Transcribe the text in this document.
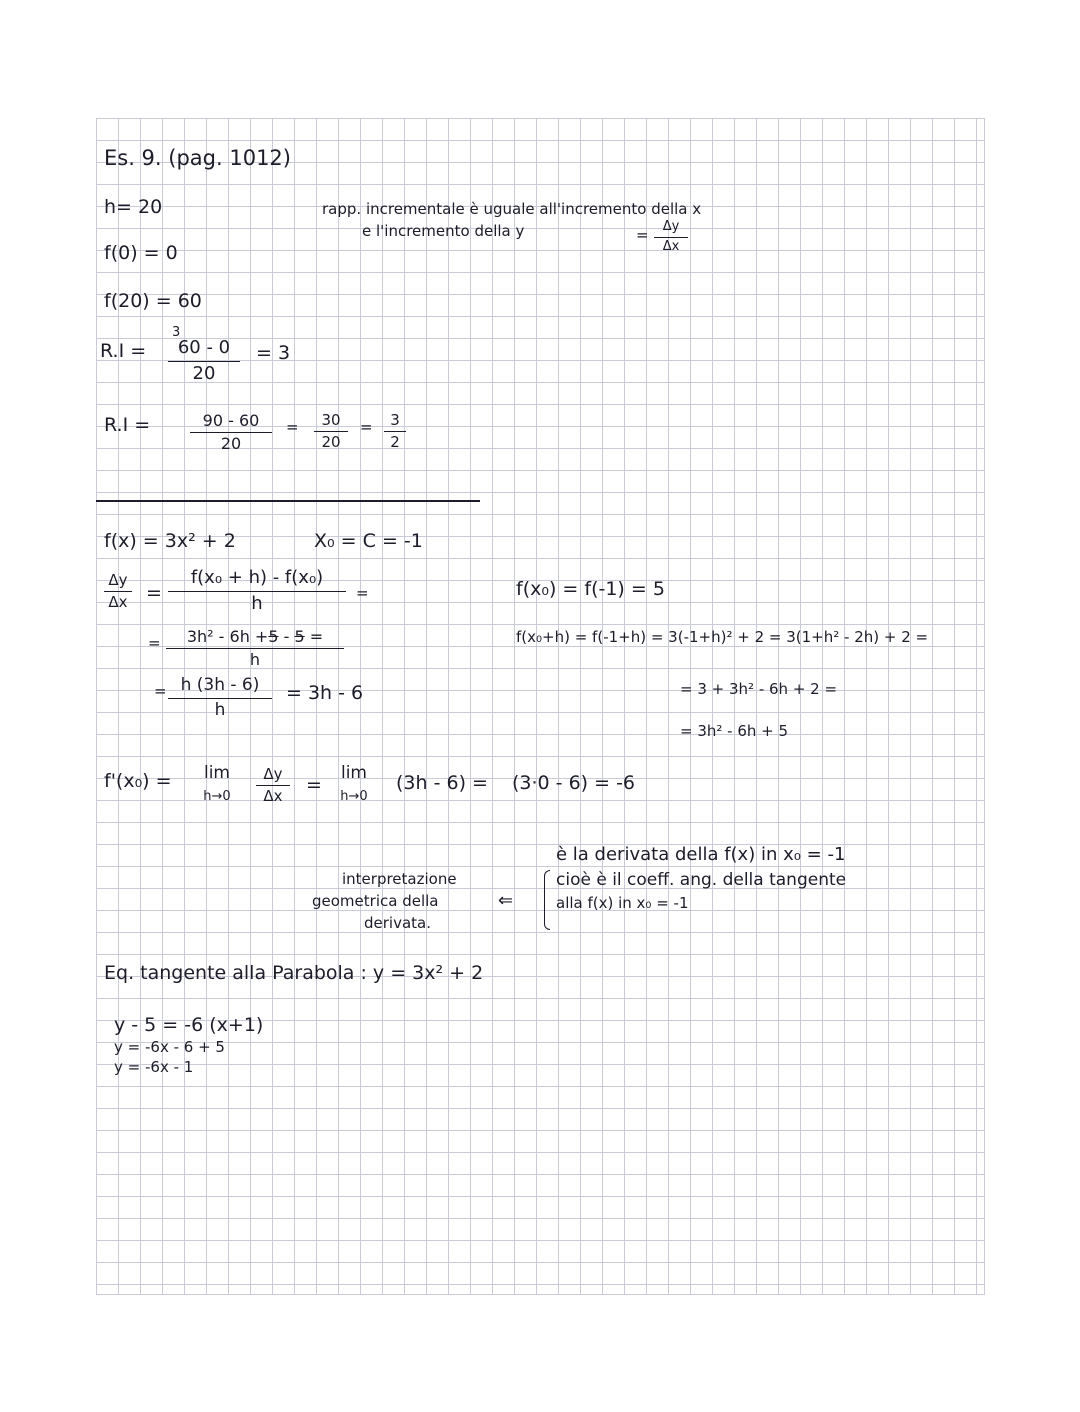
Es. 9. (pag. 1012)
h= 20
f(0) = 0
f(20) = 60
R.I =
3
60 - 0
20
= 3
R.I =	90 - 60
20
=	30
20
=	3
2
rapp. incrementale è uguale all'incremento della x
e l'incremento della y	=	Δy
Δx
f(x) = 3x² + 2	X₀ = C = -1
Δy
Δx =
f(x₀ + h) - f(x₀)
h	=
=	3h² - 6h +5 - 5 =
h
= h (3h - 6)
h
= 3h - 6
f(x₀) = f(-1) = 5
f(x₀+h) = f(-1+h) = 3(-1+h)² + 2 = 3(1+h² - 2h) + 2 =
= 3 + 3h² - 6h + 2 =
= 3h² - 6h + 5
f'(x₀) =	lim
h→0
Δy
Δx
=
lim
h→0
(3h - 6) = (3·0 - 6) = -6
è la derivata della f(x) in x₀ = -1
interpretazione
geometrica della
derivata.
⇐
cioè è il coeff. ang. della tangente
alla f(x) in x₀ = -1
Eq. tangente alla Parabola : y = 3x² + 2
y - 5 = -6 (x+1)
y = -6x - 6 + 5
y = -6x - 1
